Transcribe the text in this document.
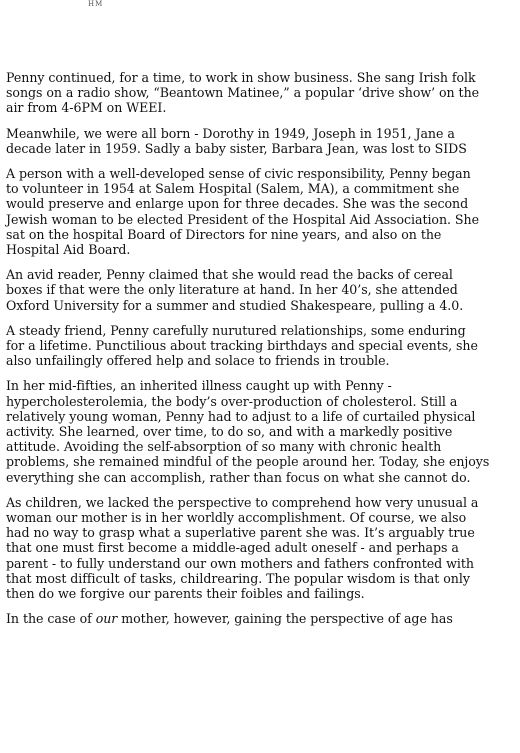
HM

Penny continued, for a time, to work in show business. She sang Irish folk
songs on a radio show, “Beantown Matinee,” a popular ‘drive show’ on the
air from 4-6PM on WEEI.

Meanwhile, we were all born - Dorothy in 1949, Joseph in 1951, Jane a
decade later in 1959. Sadly a baby sister, Barbara Jean, was lost to SIDS

A person with a well-developed sense of civic responsibility, Penny began
to volunteer in 1954 at Salem Hospital (Salem, MA), a commitment she
would preserve and enlarge upon for three decades. She was the second
Jewish woman to be elected President of the Hospital Aid Association. She
sat on the hospital Board of Directors for nine years, and also on the
Hospital Aid Board.

An avid reader, Penny claimed that she would read the backs of cereal
boxes if that were the only literature at hand. In her 40’s, she attended
Oxford University for a summer and studied Shakespeare, pulling a 4.0.

A steady friend, Penny carefully nurutured relationships, some enduring
for a lifetime. Punctilious about tracking birthdays and special events, she
also unfailingly offered help and solace to friends in trouble.

In her mid-fifties, an inherited illness caught up with Penny -
hypercholesterolemia, the body’s over-production of cholesterol. Still a
relatively young woman, Penny had to adjust to a life of curtailed physical
activity. She learned, over time, to do so, and with a markedly positive
attitude. Avoiding the self-absorption of so many with chronic health
problems, she remained mindful of the people around her. Today, she enjoys
everything she can accomplish, rather than focus on what she cannot do.

As children, we lacked the perspective to comprehend how very unusual a
woman our mother is in her worldly accomplishment. Of course, we also
had no way to grasp what a superlative parent she was. It’s arguably true
that one must first become a middle-aged adult oneself - and perhaps a
parent - to fully understand our own mothers and fathers confronted with
that most difficult of tasks, childrearing. The popular wisdom is that only
then do we forgive our parents their foibles and failings.

In the case of our mother, however, gaining the perspective of age has
